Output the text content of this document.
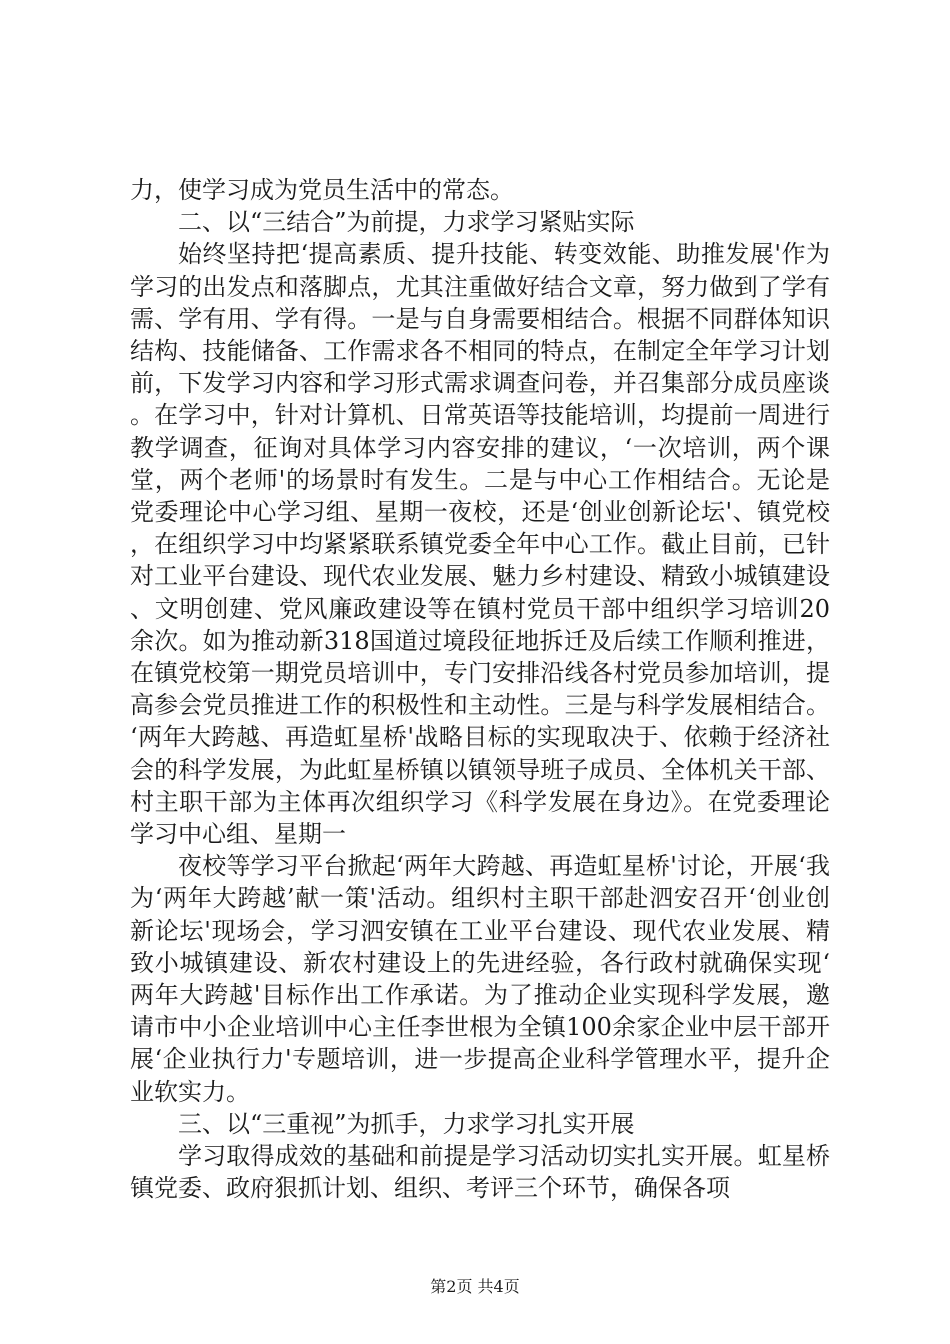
力，使学习成为党员生活中的常态。

二、以“三结合”为前提，力求学习紧贴实际

始终坚持把‘提高素质、提升技能、转变效能、助推发展'作为学习的出发点和落脚点，尤其注重做好结合文章，努力做到了学有需、学有用、学有得。一是与自身需要相结合。根据不同群体知识结构、技能储备、工作需求各不相同的特点，在制定全年学习计划前，下发学习内容和学习形式需求调查问卷，并召集部分成员座谈。在学习中，针对计算机、日常英语等技能培训，均提前一周进行教学调查，征询对具体学习内容安排的建议，‘一次培训，两个课堂，两个老师'的场景时有发生。二是与中心工作相结合。无论是党委理论中心学习组、星期一夜校，还是‘创业创新论坛'、镇党校，在组织学习中均紧紧联系镇党委全年中心工作。截止目前，已针对工业平台建设、现代农业发展、魅力乡村建设、精致小城镇建设、文明创建、党风廉政建设等在镇村党员干部中组织学习培训20余次。如为推动新318国道过境段征地拆迁及后续工作顺利推进，在镇党校第一期党员培训中，专门安排沿线各村党员参加培训，提高参会党员推进工作的积极性和主动性。三是与科学发展相结合。‘两年大跨越、再造虹星桥'战略目标的实现取决于、依赖于经济社会的科学发展，为此虹星桥镇以镇领导班子成员、全体机关干部、村主职干部为主体再次组织学习《科学发展在身边》。在党委理论学习中心组、星期一

夜校等学习平台掀起‘两年大跨越、再造虹星桥'讨论，开展‘我为‘两年大跨越’献一策'活动。组织村主职干部赴泗安召开‘创业创新论坛'现场会，学习泗安镇在工业平台建设、现代农业发展、精致小城镇建设、新农村建设上的先进经验，各行政村就确保实现‘两年大跨越'目标作出工作承诺。为了推动企业实现科学发展，邀请市中小企业培训中心主任李世根为全镇100余家企业中层干部开展‘企业执行力'专题培训，进一步提高企业科学管理水平，提升企业软实力。

三、以“三重视”为抓手，力求学习扎实开展

学习取得成效的基础和前提是学习活动切实扎实开展。虹星桥镇党委、政府狠抓计划、组织、考评三个环节，确保各项

第2页 共4页
